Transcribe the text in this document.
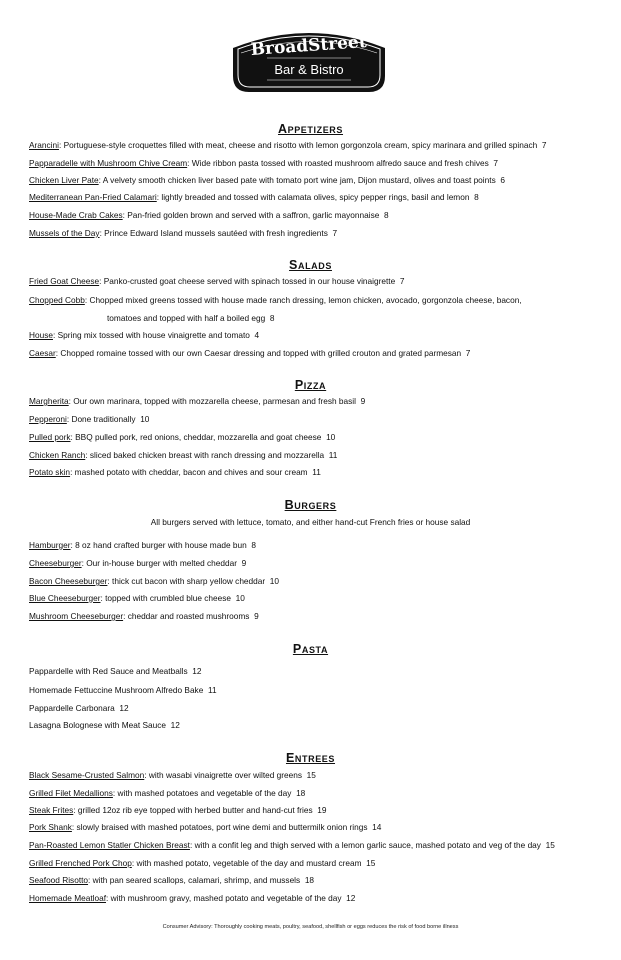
BroadStreet
Bar & Bistro
Appetizers
Arancini: Portuguese-style croquettes filled with meat, cheese and risotto with lemon gorgonzola cream, spicy marinara and grilled spinach 7
Papparadelle with Mushroom Chive Cream: Wide ribbon pasta tossed with roasted mushroom alfredo sauce and fresh chives 7
Chicken Liver Pate: A velvety smooth chicken liver based pate with tomato port wine jam, Dijon mustard, olives and toast points 6
Mediterranean Pan-Fried Calamari: lightly breaded and tossed with calamata olives, spicy pepper rings, basil and lemon 8
House-Made Crab Cakes: Pan-fried golden brown and served with a saffron, garlic mayonnaise 8
Mussels of the Day: Prince Edward Island mussels sautéed with fresh ingredients 7
Salads
Fried Goat Cheese: Panko-crusted goat cheese served with spinach tossed in our house vinaigrette 7
Chopped Cobb: Chopped mixed greens tossed with house made ranch dressing, lemon chicken, avocado, gorgonzola cheese, bacon,
tomatoes and topped with half a boiled egg 8
House: Spring mix tossed with house vinaigrette and tomato 4
Caesar: Chopped romaine tossed with our own Caesar dressing and topped with grilled crouton and grated parmesan 7
Pizza
Margherita: Our own marinara, topped with mozzarella cheese, parmesan and fresh basil 9
Pepperoni: Done traditionally 10
Pulled pork: BBQ pulled pork, red onions, cheddar, mozzarella and goat cheese 10
Chicken Ranch: sliced baked chicken breast with ranch dressing and mozzarella 11
Potato skin: mashed potato with cheddar, bacon and chives and sour cream 11
Burgers
All burgers served with lettuce, tomato, and either hand-cut French fries or house salad
Hamburger: 8 oz hand crafted burger with house made bun 8
Cheeseburger: Our in-house burger with melted cheddar 9
Bacon Cheeseburger: thick cut bacon with sharp yellow cheddar 10
Blue Cheeseburger: topped with crumbled blue cheese 10
Mushroom Cheeseburger: cheddar and roasted mushrooms 9
Pasta
Pappardelle with Red Sauce and Meatballs 12
Homemade Fettuccine Mushroom Alfredo Bake 11
Pappardelle Carbonara 12
Lasagna Bolognese with Meat Sauce 12
Entrees
Black Sesame-Crusted Salmon: with wasabi vinaigrette over wilted greens 15
Grilled Filet Medallions: with mashed potatoes and vegetable of the day 18
Steak Frites: grilled 12oz rib eye topped with herbed butter and hand-cut fries 19
Pork Shank: slowly braised with mashed potatoes, port wine demi and buttermilk onion rings 14
Pan-Roasted Lemon Statler Chicken Breast: with a confit leg and thigh served with a lemon garlic sauce, mashed potato and veg of the day 15
Grilled Frenched Pork Chop: with mashed potato, vegetable of the day and mustard cream 15
Seafood Risotto: with pan seared scallops, calamari, shrimp, and mussels 18
Homemade Meatloaf: with mushroom gravy, mashed potato and vegetable of the day 12
Consumer Advisory: Thoroughly cooking meats, poultry, seafood, shellfish or eggs reduces the risk of food borne illness
